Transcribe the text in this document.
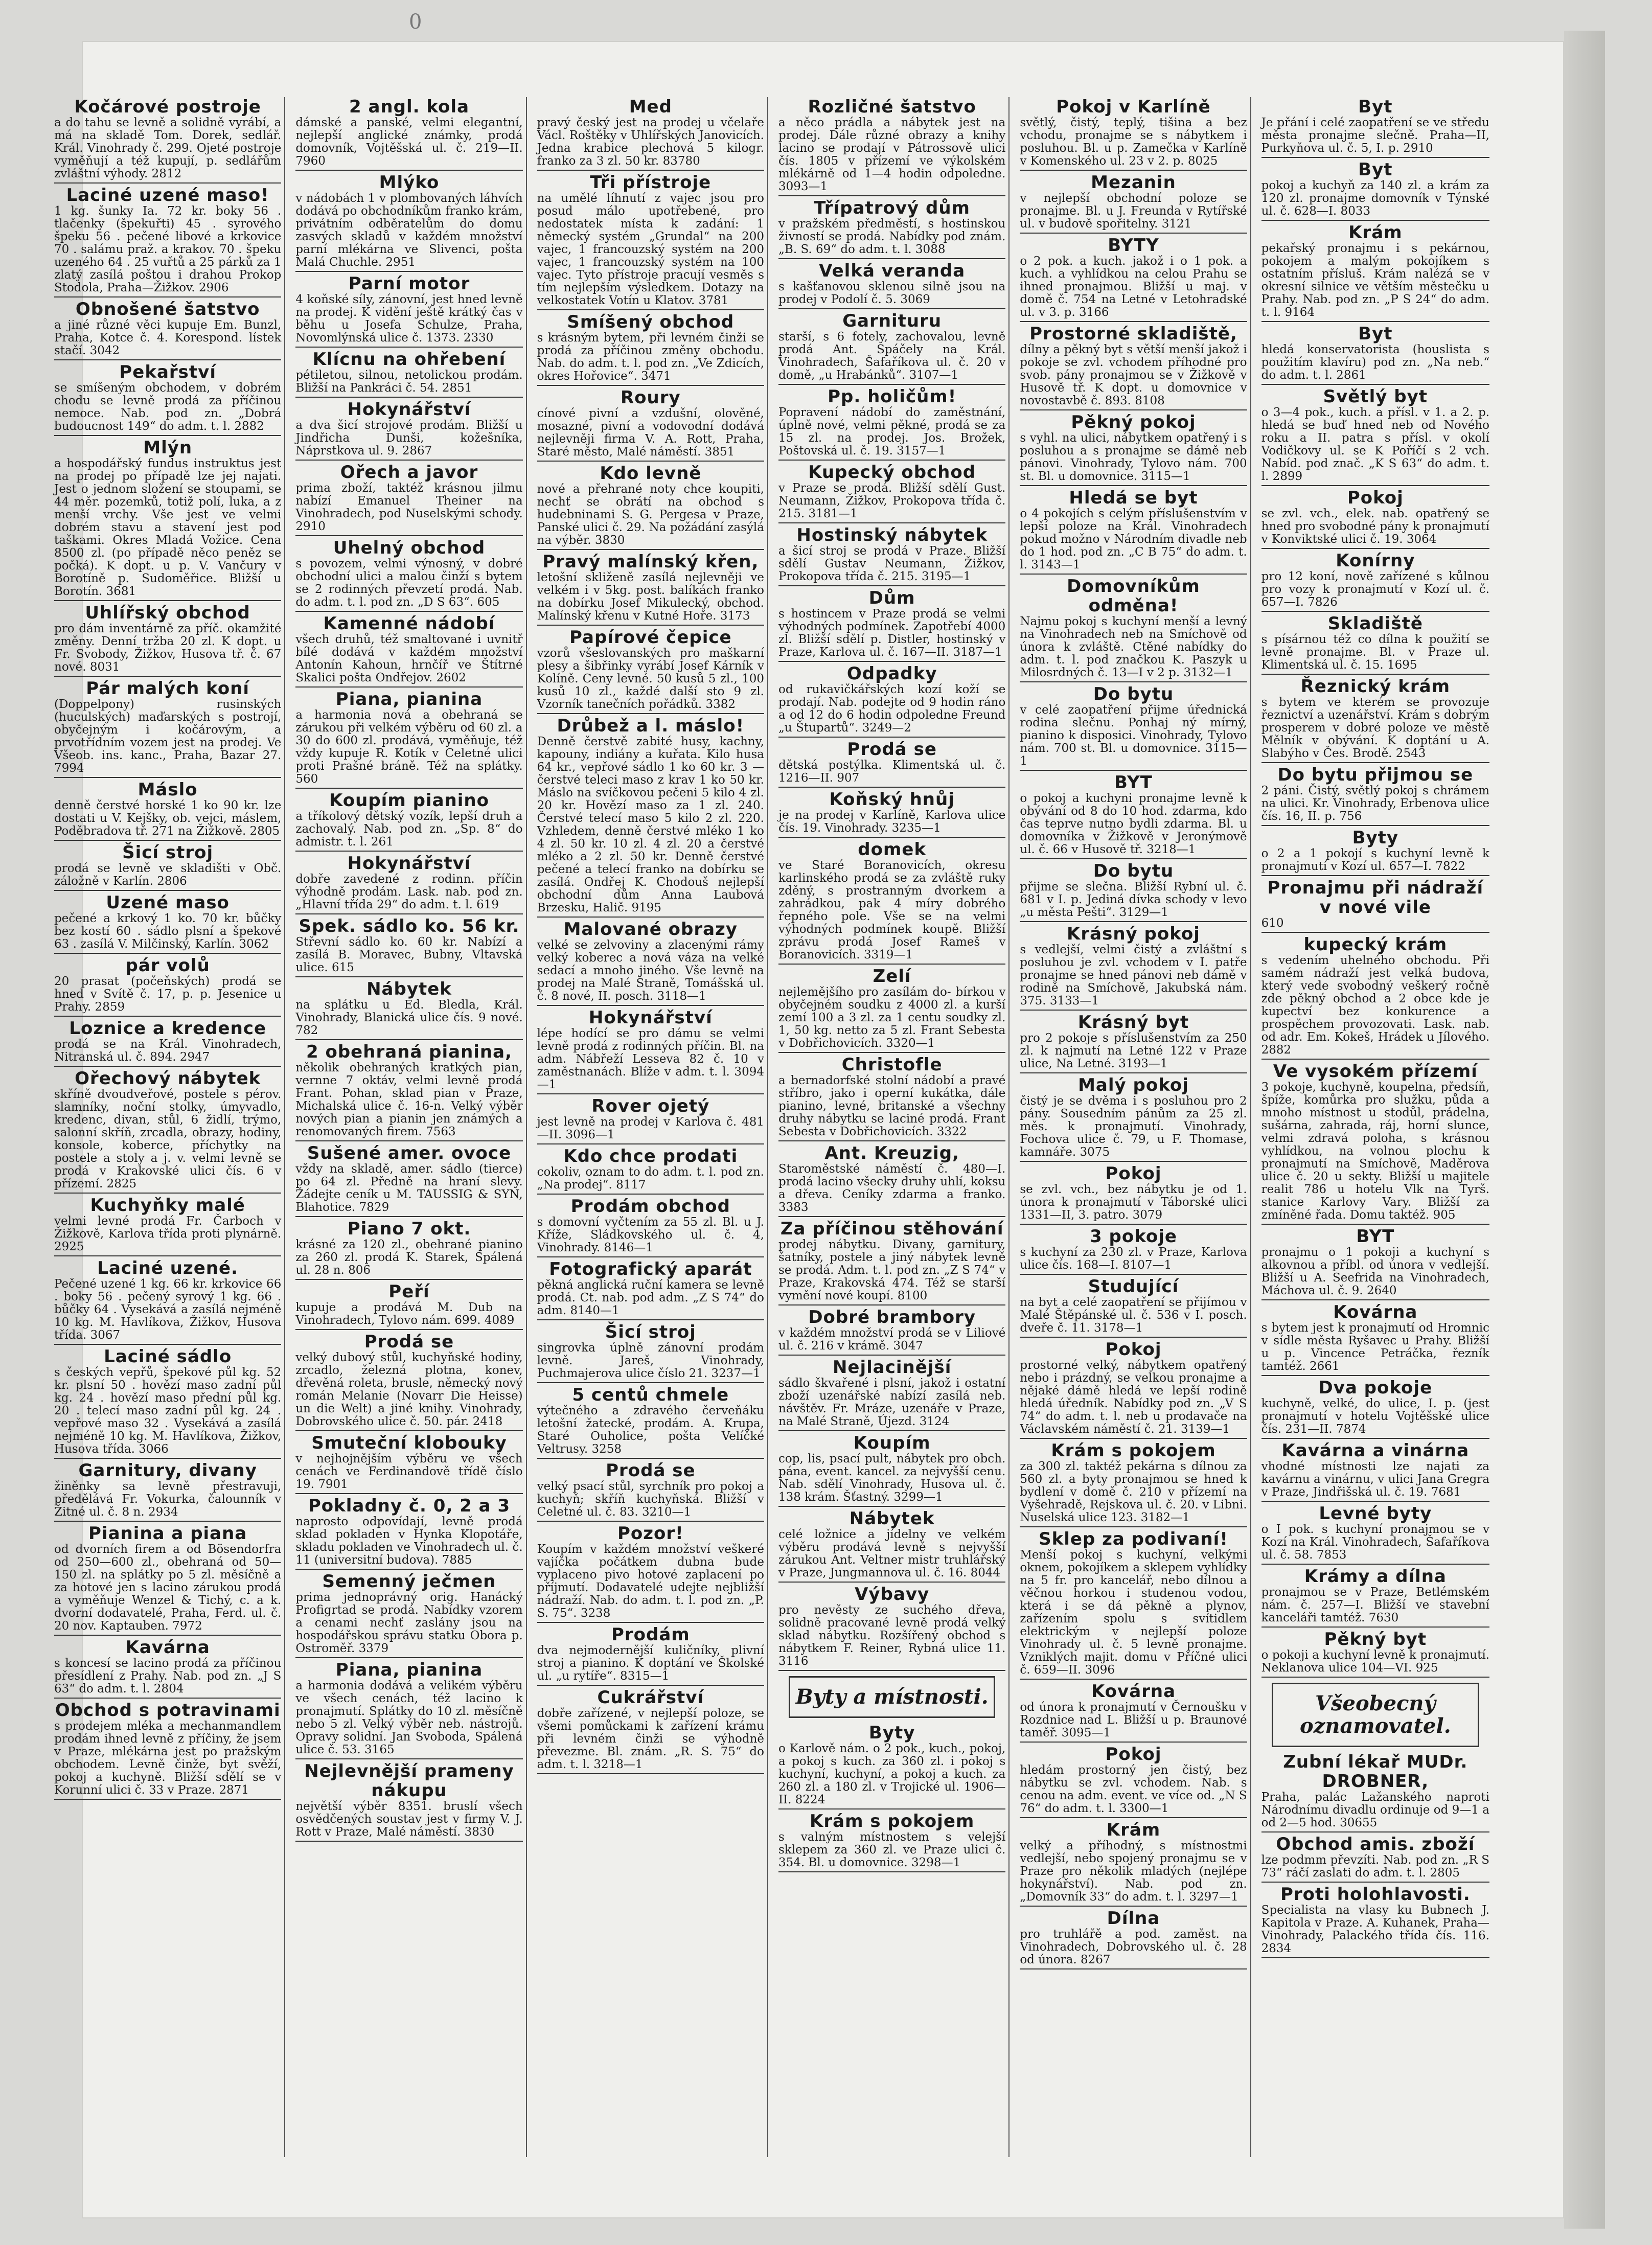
0
Kočárové postroje

a do tahu se levně a solidně vyrábí, a má na skladě Tom. Dorek, sedlář. Král. Vinohrady č. 299. Ojeté postroje vyměňují a též kupují, p. sedlářům zvláštní výhody. 2812

Laciné uzené maso!

1 kg. šunky Ia. 72 kr. boky 56 . tlačenky (špekuřti) 45 . syrového špeku 56 . pečené libové a krkovice 70 . salámu praž. a krakov. 70 . špeku uzeného 64 . 25 vuřtů a 25 párků za 1 zlatý zasílá poštou i drahou Prokop Stodola, Praha—Žižkov. 2906

Obnošené šatstvo

a jiné různé věci kupuje Em. Bunzl, Praha, Kotce č. 4. Korespond. lístek stačí. 3042

Pekařství

se smíšeným obchodem, v dobrém chodu se levně prodá za příčinou nemoce. Nab. pod zn. „Dobrá budoucnost 149“ do adm. t. l. 2882

Mlýn

a hospodářský fundus instruktus jest na prodej po případě lze jej najati. Jest o jednom složení se stoupami, se 44 měr. pozemků, totiž polí, luka, a z menší vrchy. Vše jest ve velmi dobrém stavu a stavení jest pod taškami. Okres Mladá Vožice. Cena 8500 zl. (po případě něco peněz se počká). K dopt. u p. V. Vančury v Borotíně p. Sudoměřice. Bližší u Borotín. 3681

Uhlířský obchod

pro dám inventárně za příč. okamžité změny. Denní tržba 20 zl. K dopt. u Fr. Svobody, Žižkov, Husova tř. č. 67 nové. 8031

Pár malých koní

(Doppelpony) rusinských (huculských) maďarských s postrojí, obyčejným i kočárovým, a prvotřídním vozem jest na prodej. Ve Všeob. ins. kanc., Praha, Bazar 27. 7994

Máslo

denně čerstvé horské 1 ko 90 kr. lze dostati u V. Kejšky, ob. vejci, máslem, Poděbradova tř. 271 na Žižkově. 2805

Šicí stroj

prodá se levně ve skladišti v Obč. záložně v Karlín. 2806

Uzené maso

pečené a krkový 1 ko. 70 kr. bůčky bez kostí 60 . sádlo plsní a špekové 63 . zasílá V. Milčinský, Karlín. 3062

pár volů

20 prasat (počeňských) prodá se hned v Svítě č. 17, p. p. Jesenice u Prahy. 2859

Loznice a kredence

prodá se na Král. Vinohradech, Nitranská ul. č. 894. 2947

Ořechový nábytek

skříně dvoudveřové, postele s pérov. slamníky, noční stolky, úmyvadlo, kredenc, divan, stůl, 6 židlí, trýmo, salonní skříň, zrcadla, obrazy, hodiny, konsole, koberce, příchytky na postele a stoly a j. v. velmi levně se prodá v Krakovské ulici čís. 6 v přízemí. 2825

Kuchyňky malé

velmi levné prodá Fr. Čarboch v Žižkově, Karlova třída proti plynárně. 2925

Laciné uzené.

Pečené uzené 1 kg. 66 kr. krkovice 66 . boky 56 . pečený syrový 1 kg. 66 . bůčky 64 . Vysekává a zasílá nejméně 10 kg. M. Havlíkova, Žižkov, Husova třída. 3067

Laciné sádlo

s českých vepřů, špekové půl kg. 52 kr. plsní 50 . hovězí maso zadní půl kg. 24 . hovězí maso přední půl kg. 20 . telecí maso zadní půl kg. 24 . vepřové maso 32 . Vysekává a zasílá nejméně 10 kg. M. Havlíkova, Žižkov, Husova třída. 3066

Garnitury, divany

žiněnky sa levně přestravuji, předělává Fr. Vokurka, čalounník v Žitné ul. č. 8 n. 2934

Pianina a piana

od dvorních firem a od Bösendorfra od 250—600 zl., obehraná od 50—150 zl. na splátky po 5 zl. měsíčně a za hotové jen s lacino zárukou prodá a vyměňuje Wenzel & Tichý, c. a k. dvorní dodavatelé, Praha, Ferd. ul. č. 20 nov. Kaptauben. 7972

Kavárna

s koncesí se lacino prodá za příčinou přesídlení z Prahy. Nab. pod zn. „J S 63“ do adm. t. l. 2804

Obchod s potravinami

s prodejem mléka a mechanmandlem prodám ihned levně z příčiny, že jsem v Praze, mlékárna jest po pražským obchodem. Levně činže, byt svěží, pokoj a kuchyně. Bližší sdělí se v Korunní ulici č. 33 v Praze. 2871

2 angl. kola

dámské a panské, velmi elegantní, nejlepší anglické známky, prodá domovník, Vojtěšská ul. č. 219—II. 7960

Mlýko

v nádobách 1 v plombovaných láhvích dodává po obchodníkům franko krám, privátním odběratelům do domu zasvých skladů v každém množství parní mlékárna ve Slivenci, pošta Malá Chuchle. 2951

Parní motor

4 koňské síly, zánovní, jest hned levně na prodej. K vidění ještě krátký čas v běhu u Josefa Schulze, Praha, Novomlýnská ulice č. 1373. 2330

Klícnu na ohřebení

pétiletou, silnou, netolickou prodám. Bližší na Pankráci č. 54. 2851

Hokynářství

a dva šicí strojové prodám. Bližší u Jindřicha Dunši, kožešníka, Náprstkova ul. 9. 2867

Ořech a javor

prima zboží, taktéž krásnou jilmu nabízí Emanuel Theiner na Vinohradech, pod Nuselskými schody. 2910

Uhelný obchod

s povozem, velmi výnosný, v dobré obchodní ulici a malou činží s bytem se 2 rodinných převzetí prodá. Nab. do adm. t. l. pod zn. „D S 63“. 605

Kamenné nádobí

všech druhů, též smaltované i uvnitř bílé dodává v každém množství Antonín Kahoun, hrnčíř ve Štítrné Skalici pošta Ondřejov. 2602

Piana, pianina

a harmonia nová a obehraná se zárukou při velkém výběru od 60 zl. a 30 do 600 zl. prodává, vyměňuje, též vždy kupuje R. Kotík v Celetné ulici proti Prašné bráně. Též na splátky. 560

Koupím pianino

a tříkolový dětský vozík, lepší druh a zachovalý. Nab. pod zn. „Sp. 8“ do admistr. t. l. 261

Hokynářství

dobře zavedené z rodinn. příčin výhodně prodám. Lask. nab. pod zn. „Hlavní třída 29“ do adm. t. l. 619

Spek. sádlo ko. 56 kr.

Střevní sádlo ko. 60 kr. Nabízí a zasílá B. Moravec, Bubny, Vltavská ulice. 615

Nábytek

na splátku u Ed. Bledla, Král. Vinohrady, Blanická ulice čís. 9 nové. 782

2 obehraná pianina,

několik obehraných kratkých pian, vernne 7 oktáv, velmi levně prodá Frant. Pohan, sklad pian v Praze, Michalská ulice č. 16-n. Velký výběr nových pian a pianin jen známých a renomovaných firem. 7563

Sušené amer. ovoce

vždy na skladě, amer. sádlo (tierce) po 64 zl. Předně na hraní slevy. Žádejte ceník u M. TAUSSIG & SYN, Blahotice. 7829

Piano 7 okt.

krásné za 120 zl., obehrané pianino za 260 zl. prodá K. Starek, Spálená ul. 28 n. 806

Peří

kupuje a prodává M. Dub na Vinohradech, Tylovo nám. 699. 4089

Prodá se

velký dubový stůl, kuchyňské hodiny, zrcadlo, železná plotna, konev, dřevěná roleta, brusle, německý nový román Melanie (Novarr Die Heisse) un die Welt) a jiné knihy. Vinohrady, Dobrovského ulice č. 50. pár. 2418

Smuteční klobouky

v nejhojnějším výběru ve všech cenách ve Ferdinandově třídě číslo 19. 7901

Pokladny č. 0, 2 a 3

naprosto odpovídají, levně prodá sklad pokladen v Hynka Klopotáře, skladu pokladen ve Vinohradech ul. č. 11 (universitní budova). 7885

Semenný ječmen

prima jednoprávný orig. Hanácký Profigrtad se prodá. Nabídky vzorem a cenami nechť zaslány jsou na hospodářskou správu statku Obora p. Ostroměř. 3379

Piana, pianina

a harmonia dodává a velikém výběru ve všech cenách, též lacino k pronajmutí. Splátky do 10 zl. měsíčně nebo 5 zl. Velký výběr neb. nástrojů. Opravy solidní. Jan Svoboda, Spálená ulice č. 53. 3165

Nejlevnější prameny nákupu

největší výběr 8351. bruslí všech osvědčených soustav jest v firmy V. J. Rott v Praze, Malé náměstí. 3830

Med

pravý český jest na prodej u včelaře Václ. Roštěky v Uhlířských Janovicích. Jedna krabice plechová 5 kilogr. franko za 3 zl. 50 kr. 83780

Tři přístroje

na umělé líhnutí z vajec jsou pro posud málo upotřebené, pro nedostatek místa k zadání: 1 německý systém „Grundal“ na 200 vajec, 1 francouzský systém na 200 vajec, 1 francouzský systém na 100 vajec. Tyto přístroje pracují vesměs s tím nejlepším výsledkem. Dotazy na velkostatek Votín u Klatov. 3781

Smíšený obchod

s krásným bytem, při levném činži se prodá za příčinou změny obchodu. Nab. do adm. t. l. pod zn. „Ve Zdicích, okres Hořovice“. 3471

Roury

cínové pivní a vzdušní, olověné, mosazné, pivní a vodovodní dodává nejlevněji firma V. A. Rott, Praha, Staré město, Malé náměstí. 3851

Kdo levně

nové a přehrané noty chce koupiti, nechť se obrátí na obchod s hudebninami S. G. Pergesa v Praze, Panské ulici č. 29. Na požádání zasýlá na výběr. 3830

Pravý malínský křen,

letošní skliženě zasílá nejlevněji ve velkém i v 5kg. post. balíkách franko na dobírku Josef Mikulecký, obchod. Malínský křenu v Kutné Hoře. 3173

Papírové čepice

vzorů všeslovanských pro maškarní plesy a šibřinky vyrábí Josef Kárník v Kolíně. Ceny levné. 50 kusů 5 zl., 100 kusů 10 zl., každé další sto 9 zl. Vzorník tanečních pořádků. 3382

Drůbež a l. máslo!

Denně čerstvě zabité husy, kachny, kapouny, indiány a kuřata. Kilo husa 64 kr., vepřové sádlo 1 ko 60 kr. 3 — čerstvé teleci maso z krav 1 ko 50 kr. Máslo na svíčkovou pečeni 5 kilo 4 zl. 20 kr. Hovězí maso za 1 zl. 240. Čerstvé telecí maso 5 kilo 2 zl. 220. Vzhledem, denně čerstvé mléko 1 ko 4 zl. 50 kr. 10 zl. 4 zl. 20 a čerstvé mléko a 2 zl. 50 kr. Denně čerstvé pečené a telecí franko na dobírku se zasílá. Ondřej K. Chodouš nejlepší obchodní dům Anna Laubová Brzesku, Halič. 9195

Malované obrazy

velké se zelvoviny a zlacenými rámy velký koberec a nová váza na velké sedací a mnoho jiného. Vše levně na prodej na Malé Straně, Tomášská ul. č. 8 nové, II. posch. 3118—1

Hokynářství

lépe hodící se pro dámu se velmi levně prodá z rodinných příčin. Bl. na adm. Nábřeží Lesseva 82 č. 10 v zaměstnanách. Blíže v adm. t. l. 3094—1

Rover ojetý

jest levně na prodej v Karlova č. 481—II. 3096—1

Kdo chce prodati

cokoliv, oznam to do adm. t. l. pod zn. „Na prodej“. 8117

Prodám obchod

s domovní vyčtením za 55 zl. Bl. u J. Kříže, Sládkovského ul. č. 4, Vinohrady. 8146—1

Fotografický aparát

pěkná anglická ruční kamera se levně prodá. Ct. nab. pod adm. „Z S 74“ do adm. 8140—1

Šicí stroj

singrovka úplně zánovní prodám levně. Jareš, Vinohrady, Puchmajerova ulice číslo 21. 3237—1

5 centů chmele

výtečného a zdravého červeňáku letošní žatecké, prodám. A. Krupa, Staré Ouholice, pošta Velíčké Veltrusy. 3258

Prodá se

velký psací stůl, syrchník pro pokoj a kuchyň; skříň kuchyňská. Bližší v Celetné ul. č. 83. 3210—1

Pozor!

Koupím v každém množství veškeré vajíčka počátkem dubna bude vyplaceno pivo hotové zaplacení po příjmutí. Dodavatelé udejte nejbližší nádraží. Nab. do adm. t. l. pod zn. „P. S. 75“. 3238

Prodám

dva nejmodernější kuličníky, plivní stroj a pianino. K doptání ve Školské ul. „u rytíře“. 8315—1

Cukrářství

dobře zařízené, v nejlepší poloze, se všemi pomůckami k zařízení krámu při levném činži se výhodně převezme. Bl. znám. „R. S. 75“ do adm. t. l. 3218—1

Rozličné šatstvo

a něco prádla a nábytek jest na prodej. Dále různé obrazy a knihy lacino se prodají v Pátrossově ulici čís. 1805 v přízemí ve výkolském mlékárně od 1—4 hodin odpoledne. 3093—1

Třípatrový dům

v pražském předměstí, s hostinskou živností se prodá. Nabídky pod znám. „B. S. 69“ do adm. t. l. 3088

Velká veranda

s kašťanovou sklenou silně jsou na prodej v Podolí č. 5. 3069

Garnituru

starší, s 6 fotely, zachovalou, levně prodá Ant. Spáčely na Král. Vinohradech, Šafaříkova ul. č. 20 v domě, „u Hrabánků“. 3107—1

Pp. holičům!

Popravení nádobí do zaměstnání, úplně nové, velmi pěkné, prodá se za 15 zl. na prodej. Jos. Brožek, Poštovská ul. č. 19. 3157—1

Kupecký obchod

v Praze se prodá. Bližší sdělí Gust. Neumann, Žižkov, Prokopova třída č. 215. 3181—1

Hostinský nábytek

a šicí stroj se prodá v Praze. Bližší sdělí Gustav Neumann, Žižkov, Prokopova třída č. 215. 3195—1

Dům

s hostincem v Praze prodá se velmi výhodných podmínek. Zapotřebí 4000 zl. Bližší sdělí p. Distler, hostinský v Praze, Karlova ul. č. 167—II. 3187—1

Odpadky

od rukavičkářských kozí koží se prodají. Nab. podejte od 9 hodin ráno a od 12 do 6 hodin odpoledne Freund „u Štupartů“. 3249—2

Prodá se

dětská postýlka. Klimentská ul. č. 1216—II. 907

Koňský hnůj

je na prodej v Karlíně, Karlova ulice čís. 19. Vinohrady. 3235—1

domek

ve Staré Boranovicích, okresu karlinského prodá se za zvláště ruky zděný, s prostranným dvorkem a zahrádkou, pak 4 míry dobrého řepného pole. Vše se na velmi výhodných podmínek koupě. Bližší zprávu prodá Josef Rameš v Boranovicích. 3319—1

Zelí

nejlemějšího pro zasílám do- bírkou v obyčejném soudku z 4000 zl. a kurší zemí 100 a 3 zl. za 1 centu soudky zl. 1, 50 kg. netto za 5 zl. Frant Sebesta v Dobřichovicích. 3320—1

Christofle

a bernadorfské stolní nádobí a pravé stříbro, jako i operní kukátka, dále pianino, levné, britanské a všechny druhy nábytku se laciné prodá. Frant Sebesta v Dobřichovicích. 3322

Ant. Kreuzig,

Staroměstské náměstí č. 480—I. prodá lacino všecky druhy uhlí, koksu a dřeva. Ceníky zdarma a franko. 3383

Za příčinou stěhování

prodej nábytku. Divany, garnitury, šatníky, postele a jiný nábytek levně se prodá. Adm. t. l. pod zn. „Z S 74“ v Praze, Krakovská 474. Též se starší vymění nové koupí. 8100

Dobré brambory

v každém množství prodá se v Liliové ul. č. 216 v krámě. 3047

Nejlacinější

sádlo škvařené i plsní, jakož i ostatní zboží uzenářské nabízí zasílá neb. návštěv. Fr. Mráze, uzenáře v Praze, na Malé Straně, Újezd. 3124

Koupím

cop, lis, psací pult, nábytek pro obch. pána, event. kancel. za nejvyšší cenu. Nab. sdělí Vinohrady, Husova ul. č. 138 krám. Šťastný. 3299—1

Nábytek

celé ložnice a jídelny ve velkém výběru prodává levně s nejvyšší zárukou Ant. Veltner mistr truhlářský v Praze, Jungmannova ul. č. 16. 8044

Výbavy

pro nevěsty ze suchého dřeva, solidně pracované levně prodá velký sklad nábytku. Rozšířený obchod s nábytkem F. Reiner, Rybná ulice 11. 3116

Byty a místnosti.
Byty

o Karlově nám. o 2 pok., kuch., pokoj, a pokoj s kuch. za 360 zl. i pokoj s kuchyní, kuchyní, a pokoj a kuch. za 260 zl. a 180 zl. v Trojické ul. 1906—II. 8224

Krám s pokojem

s valným místnostem s velejší sklepem za 360 zl. ve Praze ulici č. 354. Bl. u domovnice. 3298—1

Pokoj v Karlíně

světlý, čistý, teplý, tišina a bez vchodu, pronajme se s nábytkem i posluhou. Bl. u p. Zamečka v Karlíně v Komenského ul. 23 v 2. p. 8025

Mezanin

v nejlepší obchodní poloze se pronajme. Bl. u J. Freunda v Rytířské ul. v budově spořitelny. 3121

BYTY

o 2 pok. a kuch. jakož i o 1 pok. a kuch. a vyhlídkou na celou Prahu se ihned pronajmou. Bližší u maj. v domě č. 754 na Letné v Letohradské ul. v 3. p. 3166

Prostorné skladiště,

dílny a pěkný byt s větší menší jakož i pokoje se zvl. vchodem příhodné pro svob. pány pronajmou se v Žižkově v Husově tř. K dopt. u domovnice v novostavbě č. 893. 8108

Pěkný pokoj

s vyhl. na ulici, nábytkem opatřený i s posluhou a s pronajme se dámě neb pánovi. Vinohrady, Tylovo nám. 700 st. Bl. u domovnice. 3115—1

Hledá se byt

o 4 pokojích s celým příslušenstvím v lepší poloze na Král. Vinohradech pokud možno v Národním divadle neb do 1 hod. pod zn. „C B 75“ do adm. t. l. 3143—1

Domovníkům odměna!

Najmu pokoj s kuchyní menší a levný na Vinohradech neb na Smíchově od února k zvláště. Ctěné nabídky do adm. t. l. pod značkou K. Paszyk u Milosrdných č. 13—I v 2 p. 3132—1

Do bytu

v celé zaopatření přijme úřednická rodina slečnu. Ponhaj ný mírný, pianino k disposici. Vinohrady, Tylovo nám. 700 st. Bl. u domovnice. 3115—1

BYT

o pokoj a kuchyni pronajme levně k obývání od 8 do 10 hod. zdarma, kdo čas teprve nutno bydli zdarma. Bl. u domovníka v Žižkově v Jeronýmově ul. č. 66 v Husově tř. 3218—1

Do bytu

přijme se slečna. Bližší Rybní ul. č. 681 v I. p. Jediná dívka schody v levo „u města Pešti“. 3129—1

Krásný pokoj

s vedlejší, velmi čistý a zvláštní s posluhou je zvl. vchodem v I. patře pronajme se hned pánovi neb dámě v rodině na Smíchově, Jakubská nám. 375. 3133—1

Krásný byt

pro 2 pokoje s příslušenstvím za 250 zl. k najmutí na Letné 122 v Praze ulice, Na Letné. 3193—1

Malý pokoj

čistý je se dvěma i s posluhou pro 2 pány. Sousedním pánům za 25 zl. měs. k pronajmutí. Vinohrady, Fochova ulice č. 79, u F. Thomase, kamnáře. 3075

Pokoj

se zvl. vch., bez nábytku je od 1. února k pronajmutí v Táborské ulici 1331—II, 3. patro. 3079

3 pokoje

s kuchyní za 230 zl. v Praze, Karlova ulice čís. 168—I. 8107—1

Studující

na byt a celé zaopatření se přijímou v Malé Štěpánské ul. č. 536 v I. posch. dveře č. 11. 3178—1

Pokoj

prostorné velký, nábytkem opatřený nebo i prázdný, se velkou pronajme a nějaké dámě hledá ve lepší rodině hledá úředník. Nabídky pod zn. „V S 74“ do adm. t. l. neb u prodavače na Václavském náměstí č. 21. 3139—1

Krám s pokojem

za 300 zl. taktéž pekárna s dílnou za 560 zl. a byty pronajmou se hned k bydlení v domě č. 210 v přízemí na Vyšehradě, Rejskova ul. č. 20. v Libni. Nuselská ulice 123. 3182—1

Sklep za podivaní!

Menší pokoj s kuchyní, velkými oknem, pokojíkem a sklepem vyhlídky na 5 fr. pro kancelář, nebo dílnou a věčnou horkou i studenou vodou, která i se dá pěkně a plynov, zařízením spolu s svítidlem elektrickým v nejlepší poloze Vinohrady ul. č. 5 levně pronajme. Vzniklých majit. domu v Příčné ulici č. 659—II. 3096

Kovárna

od února k pronajmutí v Černoušku v Rozdnice nad L. Bližší u p. Braunové taměř. 3095—1

Pokoj

hledám prostorný jen čistý, bez nábytku se zvl. vchodem. Nab. s cenou na adm. event. ve více od. „N S 76“ do adm. t. l. 3300—1

Krám

velký a příhodný, s místnostmi vedlejší, nebo spojený pronajmu se v Praze pro několik mladých (nejlépe hokynářství). Nab. pod zn. „Domovník 33“ do adm. t. l. 3297—1

Dílna

pro truhlářě a pod. zaměst. na Vinohradech, Dobrovského ul. č. 28 od února. 8267

Byt

Je přání i celé zaopatření se ve středu města pronajme slečně. Praha—II, Purkyňova ul. č. 5, I. p. 2910

Byt

pokoj a kuchyň za 140 zl. a krám za 120 zl. pronajme domovník v Týnské ul. č. 628—I. 8033

Krám

pekařský pronajmu i s pekárnou, pokojem a malým pokojíkem s ostatním přísluš. Krám nalézá se v okresní silnice ve větším městečku u Prahy. Nab. pod zn. „P S 24“ do adm. t. l. 9164

Byt

hledá konservatorista (houslista s použitím klavíru) pod zn. „Na neb.“ do adm. t. l. 2861

Světlý byt

o 3—4 pok., kuch. a přísl. v 1. a 2. p. hledá se buď hned neb od Nového roku a II. patra s přísl. v okolí Vodičkovy ul. se K Poříčí s 2 vch. Nabíd. pod znač. „K S 63“ do adm. t. l. 2899

Pokoj

se zvl. vch., elek. nab. opatřený se hned pro svobodné pány k pronajmutí v Konviktské ulici č. 19. 3064

Konírny

pro 12 koní, nově zařízené s kůlnou pro vozy k pronajmutí v Kozí ul. č. 657—I. 7826

Skladiště

s písárnou též co dílna k použití se levně pronajme. Bl. v Praze ul. Klimentská ul. č. 15. 1695

Řeznický krám

s bytem ve kterém se provozuje řeznictví a uzenářství. Krám s dobrým prosperem v dobré poloze ve městě Mělník v obývání. K doptání u A. Slabýho v Čes. Brodě. 2543

Do bytu přijmou se

2 páni. Čistý, světlý pokoj s chrámem na ulici. Kr. Vinohrady, Erbenova ulice čís. 16, II. p. 756

Byty

o 2 a 1 pokojí s kuchyní levně k pronajmutí v Kozí ul. 657—I. 7822

Pronajmu při nádraží v nové vile

610

kupecký krám

s vedením uhelného obchodu. Při samém nádraží jest velká budova, který vede svobodný veškerý ročně zde pěkný obchod a 2 obce kde je kupectví bez konkurence a prospěchem provozovati. Lask. nab. od adr. Em. Kokeš, Hrádek u Jílového. 2882

Ve vysokém přízemí

3 pokoje, kuchyně, koupelna, předsíň, špíže, komůrka pro služku, půda a mnoho místnost u stodůl, prádelna, sušárna, zahrada, ráj, horní slunce, velmi zdravá poloha, s krásnou vyhlídkou, na volnou plochu k pronajmutí na Smíchově, Maděrova ulice č. 20 u sekty. Bližší u majitele realit 786 u hotelu Vlk na Tyrš. stanice Karlovy Vary. Bližší za zmíněné řada. Domu taktéž. 905

BYT

pronajmu o 1 pokoji a kuchyní s alkovnou a příbl. od února v vedlejší. Bližší u A. Seefrida na Vinohradech, Máchova ul. č. 9. 2640

Kovárna

s bytem jest k pronajmutí od Hromnic v sídle města Ryšavec u Prahy. Bližší u p. Vincence Petráčka, řezník tamtéž. 2661

Dva pokoje

kuchyně, velké, do ulice, I. p. (jest pronajmutí v hotelu Vojtěšské ulice čís. 231—II. 7874

Kavárna a vinárna

vhodné místnosti lze najati za kavárnu a vinárnu, v ulici Jana Gregra v Praze, Jindřišská ul. č. 19. 7681

Levné byty

o I pok. s kuchyní pronajmou se v Kozí na Král. Vinohradech, Šafaříkova ul. č. 58. 7853

Krámy a dílna

pronajmou se v Praze, Betlémském nám. č. 257—I. Bližší ve stavební kanceláři tamtéž. 7630

Pěkný byt

o pokoji a kuchyní levně k pronajmutí. Neklanova ulice 104—VI. 925

Všeobecný oznamovatel.
Zubní lékař MUDr. DROBNER,

Praha, palác Lažanského naproti Národnímu divadlu ordinuje od 9—1 a od 2—5 hod. 30655

Obchod amis. zboží

lze podmm převzíti. Nab. pod zn. „R S 73“ ráčí zaslati do adm. t. l. 2805

Proti holohlavosti.

Specialista na vlasy ku Bubnech J. Kapitola v Praze. A. Kuhanek, Praha—Vinohrady, Palackého třída čís. 116. 2834
